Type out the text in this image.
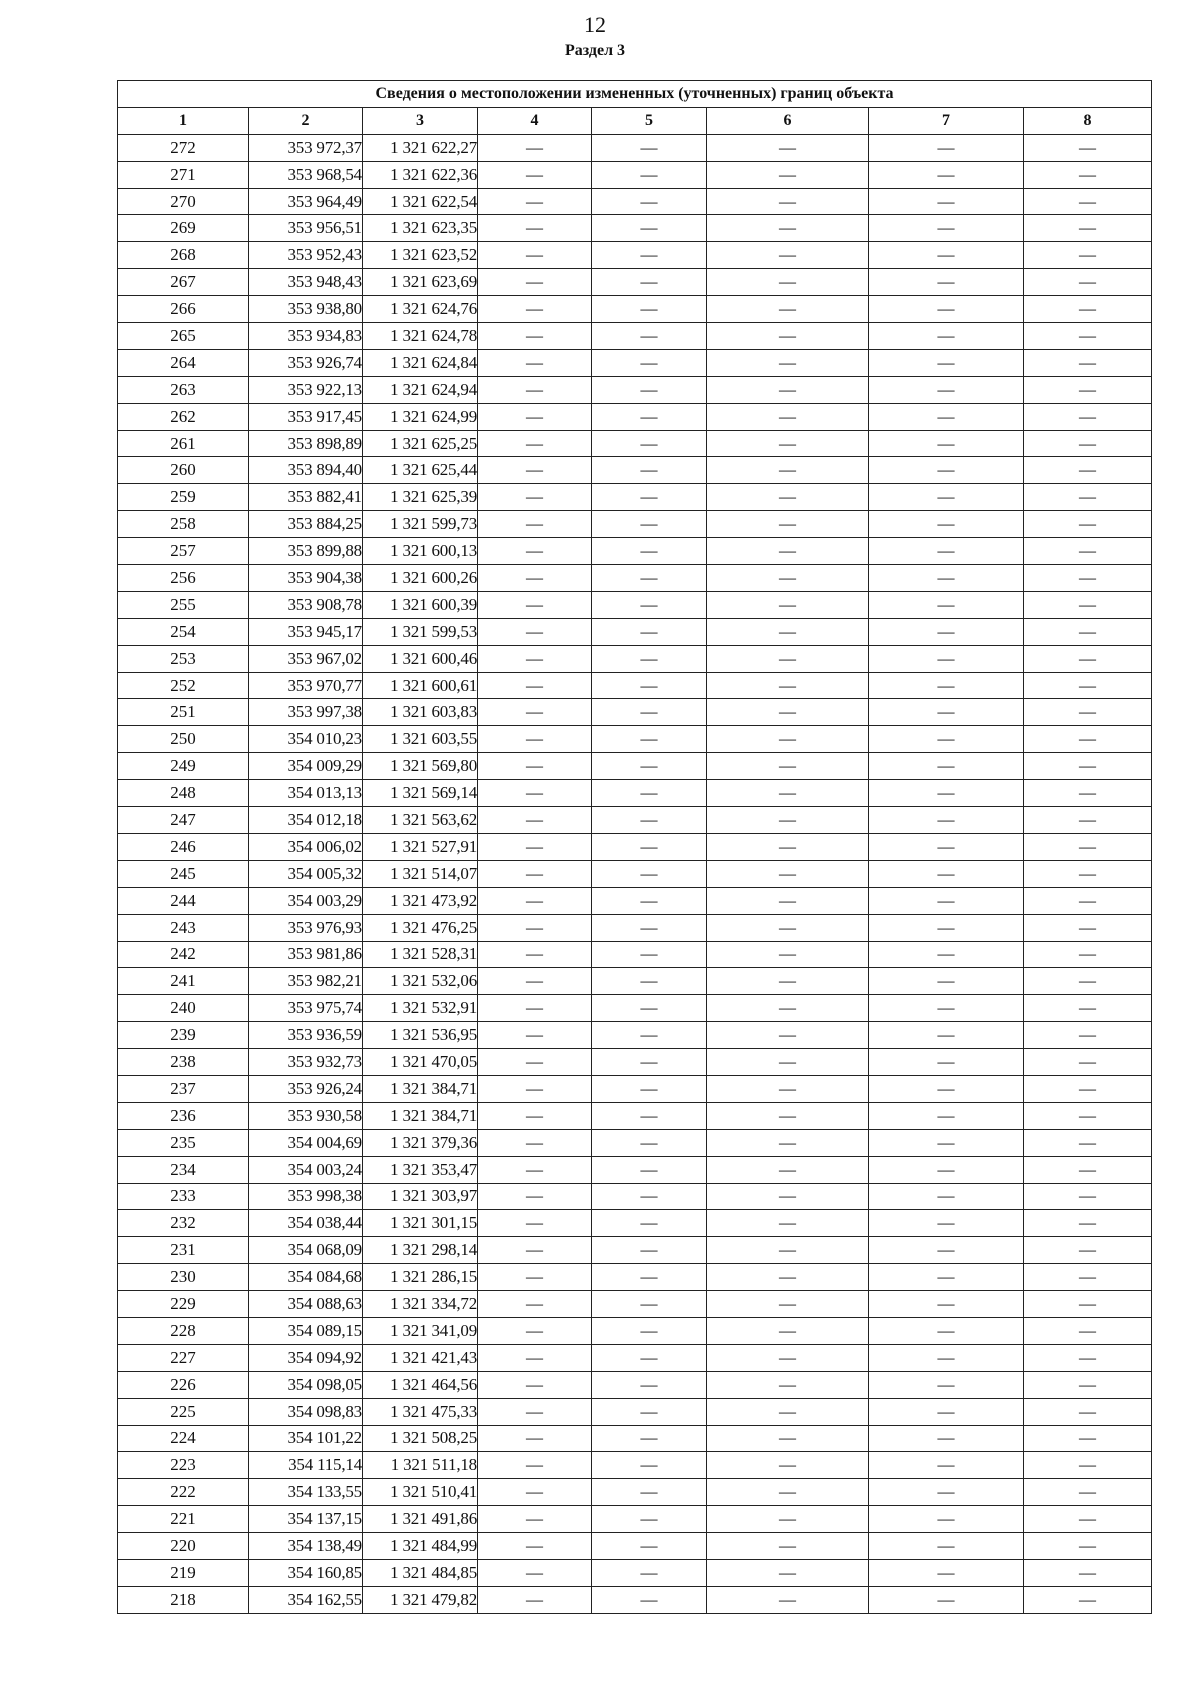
12
Раздел 3
Сведения о местоположении измененных (уточненных) границ объекта							
1	2	3	4	5	6	7	8
272	353 972,37	1 321 622,27	—	—	—	—	—
271	353 968,54	1 321 622,36	—	—	—	—	—
270	353 964,49	1 321 622,54	—	—	—	—	—
269	353 956,51	1 321 623,35	—	—	—	—	—
268	353 952,43	1 321 623,52	—	—	—	—	—
267	353 948,43	1 321 623,69	—	—	—	—	—
266	353 938,80	1 321 624,76	—	—	—	—	—
265	353 934,83	1 321 624,78	—	—	—	—	—
264	353 926,74	1 321 624,84	—	—	—	—	—
263	353 922,13	1 321 624,94	—	—	—	—	—
262	353 917,45	1 321 624,99	—	—	—	—	—
261	353 898,89	1 321 625,25	—	—	—	—	—
260	353 894,40	1 321 625,44	—	—	—	—	—
259	353 882,41	1 321 625,39	—	—	—	—	—
258	353 884,25	1 321 599,73	—	—	—	—	—
257	353 899,88	1 321 600,13	—	—	—	—	—
256	353 904,38	1 321 600,26	—	—	—	—	—
255	353 908,78	1 321 600,39	—	—	—	—	—
254	353 945,17	1 321 599,53	—	—	—	—	—
253	353 967,02	1 321 600,46	—	—	—	—	—
252	353 970,77	1 321 600,61	—	—	—	—	—
251	353 997,38	1 321 603,83	—	—	—	—	—
250	354 010,23	1 321 603,55	—	—	—	—	—
249	354 009,29	1 321 569,80	—	—	—	—	—
248	354 013,13	1 321 569,14	—	—	—	—	—
247	354 012,18	1 321 563,62	—	—	—	—	—
246	354 006,02	1 321 527,91	—	—	—	—	—
245	354 005,32	1 321 514,07	—	—	—	—	—
244	354 003,29	1 321 473,92	—	—	—	—	—
243	353 976,93	1 321 476,25	—	—	—	—	—
242	353 981,86	1 321 528,31	—	—	—	—	—
241	353 982,21	1 321 532,06	—	—	—	—	—
240	353 975,74	1 321 532,91	—	—	—	—	—
239	353 936,59	1 321 536,95	—	—	—	—	—
238	353 932,73	1 321 470,05	—	—	—	—	—
237	353 926,24	1 321 384,71	—	—	—	—	—
236	353 930,58	1 321 384,71	—	—	—	—	—
235	354 004,69	1 321 379,36	—	—	—	—	—
234	354 003,24	1 321 353,47	—	—	—	—	—
233	353 998,38	1 321 303,97	—	—	—	—	—
232	354 038,44	1 321 301,15	—	—	—	—	—
231	354 068,09	1 321 298,14	—	—	—	—	—
230	354 084,68	1 321 286,15	—	—	—	—	—
229	354 088,63	1 321 334,72	—	—	—	—	—
228	354 089,15	1 321 341,09	—	—	—	—	—
227	354 094,92	1 321 421,43	—	—	—	—	—
226	354 098,05	1 321 464,56	—	—	—	—	—
225	354 098,83	1 321 475,33	—	—	—	—	—
224	354 101,22	1 321 508,25	—	—	—	—	—
223	354 115,14	1 321 511,18	—	—	—	—	—
222	354 133,55	1 321 510,41	—	—	—	—	—
221	354 137,15	1 321 491,86	—	—	—	—	—
220	354 138,49	1 321 484,99	—	—	—	—	—
219	354 160,85	1 321 484,85	—	—	—	—	—
218	354 162,55	1 321 479,82	—	—	—	—	—
